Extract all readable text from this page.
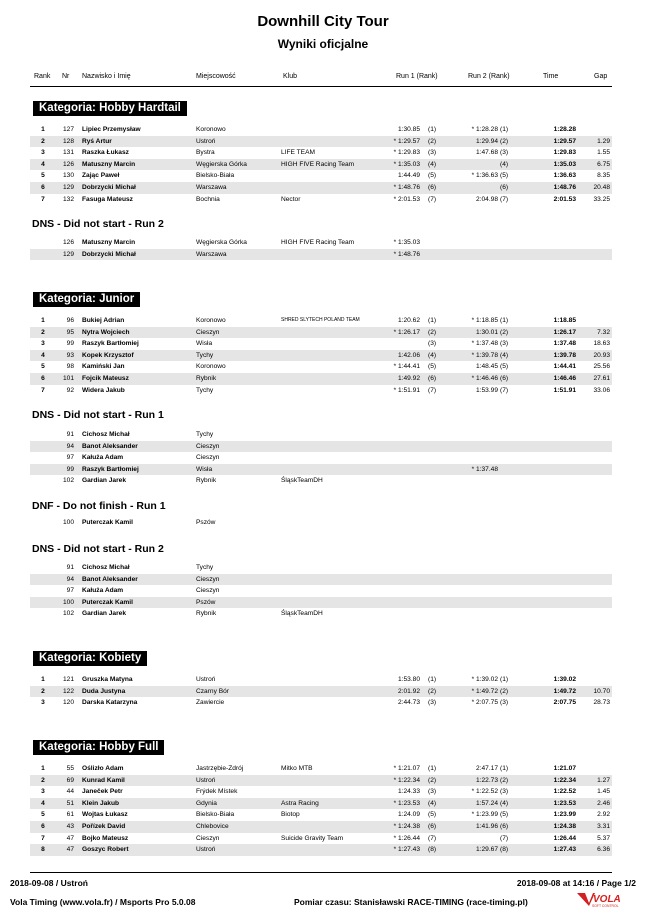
Downhill City Tour
Wyniki oficjalne
Rank Nr Nazwisko i Imię	Miejscowość	Klub	Run 1 (Rank)	Run 2 (Rank)	Time	Gap
Kategoria: Hobby Hardtail
1	127 Lipiec Przemysław	Koronowo	1:30.85 (1)	* 1:28.28 (1)	1:28.28
2	128 Ryś Artur	Ustroń	* 1:29.57 (2)	1:29.94 (2)	1:29.57	1.29
3	131 Raszka Łukasz	Bystra	LIFE TEAM	* 1:29.83 (3)	1:47.68 (3)	1:29.83	1.55
4	126 Matuszny Marcin	Węgierska Górka	HIGH FIVE Racing Team	* 1:35.03 (4)	(4)	1:35.03	6.75
5	130 Zając Paweł	Bielsko-Biała	1:44.49 (5)	* 1:36.63 (5)	1:36.63	8.35
6	129 Dobrzycki Michał	Warszawa	* 1:48.76 (6)	(6)	1:48.76	20.48
7	132 Fasuga Mateusz	Bochnia	Nector	* 2:01.53 (7)	2:04.98 (7)	2:01.53	33.25
DNS - Did not start - Run 2
126 Matuszny Marcin	Węgierska Górka	HIGH FIVE Racing Team	* 1:35.03
129 Dobrzycki Michał	Warszawa	* 1:48.76
Kategoria: Junior
1	96 Bukiej Adrian	Koronowo	SHRED SLYTECH POLAND TEAM	1:20.62 (1)	* 1:18.85 (1)	1:18.85
2	95 Nytra Wojciech	Cieszyn	* 1:26.17 (2)	1:30.01 (2)	1:26.17	7.32
3	99 Raszyk Bartłomiej	Wisła	(3)	* 1:37.48 (3)	1:37.48	18.63
4	93 Kopek Krzysztof	Tychy	1:42.06 (4)	* 1:39.78 (4)	1:39.78	20.93
5	98 Kamiński Jan	Koronowo	* 1:44.41 (5)	1:48.45 (5)	1:44.41	25.56
6	101 Fojcik Mateusz	Rybnik	1:49.92 (6)	* 1:46.46 (6)	1:46.46	27.61
7	92 Widera Jakub	Tychy	* 1:51.91 (7)	1:53.99 (7)	1:51.91	33.06
DNS - Did not start - Run 1
91 Cichosz Michał	Tychy
94 Banot Aleksander	Cieszyn
97 Kałuża Adam	Cieszyn
99 Raszyk Bartłomiej	Wisła	* 1:37.48
102 Gardian Jarek	Rybnik	ŚląskTeamDH
DNF - Do not finish - Run 1
100 Puterczak Kamil	Pszów
DNS - Did not start - Run 2
91 Cichosz Michał	Tychy
94 Banot Aleksander	Cieszyn
97 Kałuża Adam	Cieszyn
100 Puterczak Kamil	Pszów
102 Gardian Jarek	Rybnik	ŚląskTeamDH
Kategoria: Kobiety
1	121 Gruszka Matyna	Ustroń	1:53.80 (1)	* 1:39.02 (1)	1:39.02
2	122 Duda Justyna	Czarny Bór	2:01.92 (2)	* 1:49.72 (2)	1:49.72	10.70
3	120 Darska Katarzyna	Zawiercie	2:44.73 (3)	* 2:07.75 (3)	2:07.75	28.73
Kategoria: Hobby Full
1	55 Oślizło Adam	Jastrzębie-Zdrój	Mitko MTB	* 1:21.07 (1)	2:47.17 (1)	1:21.07
2	69 Kunrad Kamil	Ustroń	* 1:22.34 (2)	1:22.73 (2)	1:22.34	1.27
3	44 Janeček Petr	Frýdek Místek	1:24.33 (3)	* 1:22.52 (3)	1:22.52	1.45
4	51 Klein Jakub	Gdynia	Astra Racing	* 1:23.53 (4)	1:57.24 (4)	1:23.53	2.46
5	61 Wojtas Łukasz	Bielsko-Biała	Biotop	1:24.09 (5)	* 1:23.99 (5)	1:23.99	2.92
6	43 Pořízek David	Chlebovice	* 1:24.38 (6)	1:41.96 (6)	1:24.38	3.31
7	47 Bojko Mateusz	Cieszyn	Suicide Gravity Team	* 1:26.44 (7)	(7)	1:26.44	5.37
8	47 Goszyc Robert	Ustroń	* 1:27.43 (8)	1:29.67 (8)	1:27.43	6.36
2018-09-08 / Ustroń	2018-09-08 at 14:16 / Page 1/2
Vola Timing (www.vola.fr) / Msports Pro 5.0.08	Pomiar czasu: Stanisławski RACE-TIMING (race-timing.pl)	VOLA
SOFT CONTROL
